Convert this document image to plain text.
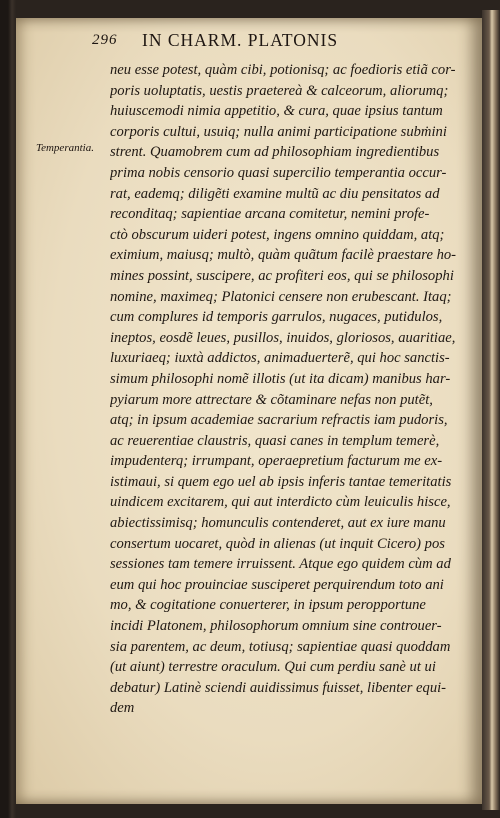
296 IN CHARM. PLATONIS
Temperantia.
neu esse potest, quàm cibi, potionisq; ac foedioris etiã cor-
poris uoluptatis, uestis praetereà & calceorum, aliorumq;
huiuscemodi nimia appetitio, & cura, quae ipsius tantum
corporis cultui, usuiq; nulla animi participatione subṁini
strent. Quamobrem cum ad philosophiam ingredientibus
prima nobis censorio quasi supercilio temperantia occur-
rat, eademq; diligẽti examine multũ ac diu pensitatos ad
reconditaq; sapientiae arcana comitetur, nemini profe-
ctò obscurum uideri potest, ingens omnino quiddam, atq;
eximium, maiusq; multò, quàm quãtum facilè praestare ho-
mines possint, suscipere, ac profiteri eos, qui se philosophi
nomine, maximeq; Platonici censere non erubescant. Itaq;
cum complures id temporis garrulos, nugaces, putidulos,
ineptos, eosdẽ leues, pusillos, inuidos, gloriosos, auaritiae,
luxuriaeq; iuxtà addictos, animaduerterẽ, qui hoc sanctis-
simum philosophi nomẽ illotis (ut ita dicam) manibus har-
pyiarum more attrectare & cõtaminare nefas non putẽt,
atq; in ipsum academiae sacrarium refractis iam pudoris,
ac reuerentiae claustris, quasi canes in templum temerè,
impudenterq; irrumpant, operaepretium facturum me ex-
istimaui, si quem ego uel ab ipsis inferis tantae temeritatis
uindicem excitarem, qui aut interdicto cùm leuiculis hisce,
abiectissimisq; homunculis contenderet, aut ex iure manu
consertum uocaret, quòd in alienas (ut inquit Cicero) pos
sessiones tam temere irruissent. Atque ego quidem cùm ad
eum qui hoc prouinciae susciperet perquirendum toto ani
mo, & cogitatione conuerterer, in ipsum peropportune
incidi Platonem, philosophorum omnium sine controuer-
sia parentem, ac deum, totiusq; sapientiae quasi quoddam
(ut aiunt) terrestre oraculum. Qui cum perdiu sanè ut ui
debatur) Latinè sciendi auidissimus fuisset, libenter equi-
dem
